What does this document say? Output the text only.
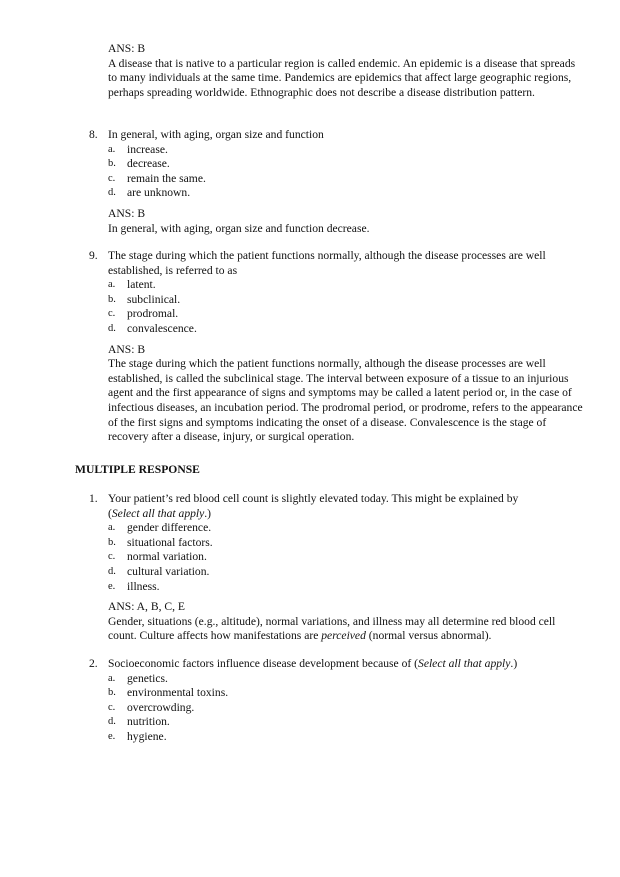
ANS: B
A disease that is native to a particular region is called endemic. An epidemic is a disease that spreads to many individuals at the same time. Pandemics are epidemics that affect large geographic regions, perhaps spreading worldwide. Ethnographic does not describe a disease distribution pattern.
8. In general, with aging, organ size and function
a. increase.
b. decrease.
c. remain the same.
d. are unknown.
ANS: B
In general, with aging, organ size and function decrease.
9. The stage during which the patient functions normally, although the disease processes are well established, is referred to as
a. latent.
b. subclinical.
c. prodromal.
d. convalescence.
ANS: B
The stage during which the patient functions normally, although the disease processes are well established, is called the subclinical stage. The interval between exposure of a tissue to an injurious agent and the first appearance of signs and symptoms may be called a latent period or, in the case of infectious diseases, an incubation period. The prodromal period, or prodrome, refers to the appearance of the first signs and symptoms indicating the onset of a disease. Convalescence is the stage of recovery after a disease, injury, or surgical operation.
MULTIPLE RESPONSE
1. Your patient’s red blood cell count is slightly elevated today. This might be explained by
(Select all that apply.)
a. gender difference.
b. situational factors.
c. normal variation.
d. cultural variation.
e. illness.
ANS: A, B, C, E
Gender, situations (e.g., altitude), normal variations, and illness may all determine red blood cell count. Culture affects how manifestations are perceived (normal versus abnormal).
2. Socioeconomic factors influence disease development because of (Select all that apply.)
a. genetics.
b. environmental toxins.
c. overcrowding.
d. nutrition.
e. hygiene.
